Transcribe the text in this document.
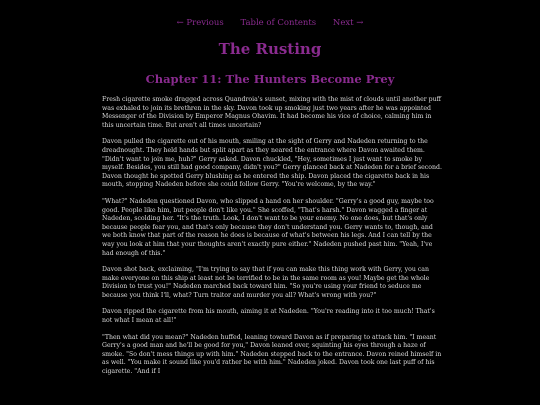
← Previous Table of Contents Next →
The Rusting
Chapter 11: The Hunters Become Prey

Fresh cigarette smoke dragged across Quandroia's sunset, mixing with the mist of clouds until another puff was exhaled to join its brethren in the sky. Davon took up smoking just two years after he was appointed Messenger of the Division by Emperor Magnus Ohavim. It had become his vice of choice, calming him in this uncertain time. But aren't all times uncertain?

Davon pulled the cigarette out of his mouth, smiling at the sight of Gerry and Nadeden returning to the dreadnought. They held hands but split apart as they neared the entrance where Davon awaited them. "Didn't want to join me, huh?" Gerry asked. Davon chuckled, "Hey, sometimes I just want to smoke by myself. Besides, you still had good company, didn't you?" Gerry glanced back at Nadeden for a brief second. Davon thought he spotted Gerry blushing as he entered the ship. Davon placed the cigarette back in his mouth, stopping Nadeden before she could follow Gerry. "You're welcome, by the way."

"What?" Nadeden questioned Davon, who slipped a hand on her shoulder. "Gerry's a good guy, maybe too good. People like him, but people don't like you." She scoffed, "That's harsh." Davon wagged a finger at Nadeden, scolding her. "It's the truth. Look, I don't want to be your enemy. No one does, but that's only because people fear you, and that's only because they don't understand you. Gerry wants to, though, and we both know that part of the reason he does is because of what's between his legs. And I can tell by the way you look at him that your thoughts aren't exactly pure either." Nadeden pushed past him. "Yeah, I've had enough of this."

Davon shot back, exclaiming, "I'm trying to say that if you can make this thing work with Gerry, you can make everyone on this ship at least not be terrified to be in the same room as you! Maybe get the whole Division to trust you!" Nadeden marched back toward him. "So you're using your friend to seduce me because you think I'll, what? Turn traitor and murder you all? What's wrong with you?"

Davon ripped the cigarette from his mouth, aiming it at Nadeden. "You're reading into it too much! That's not what I mean at all!"

"Then what did you mean?" Nadeden huffed, leaning toward Davon as if preparing to attack him. "I meant Gerry's a good man and he'll be good for you," Davon leaned over, squinting his eyes through a haze of smoke. "So don't mess things up with him." Nadeden stepped back to the entrance. Davon reined himself in as well. "You make it sound like you'd rather be with him." Nadeden joked. Davon took one last puff of his cigarette. "And if I
